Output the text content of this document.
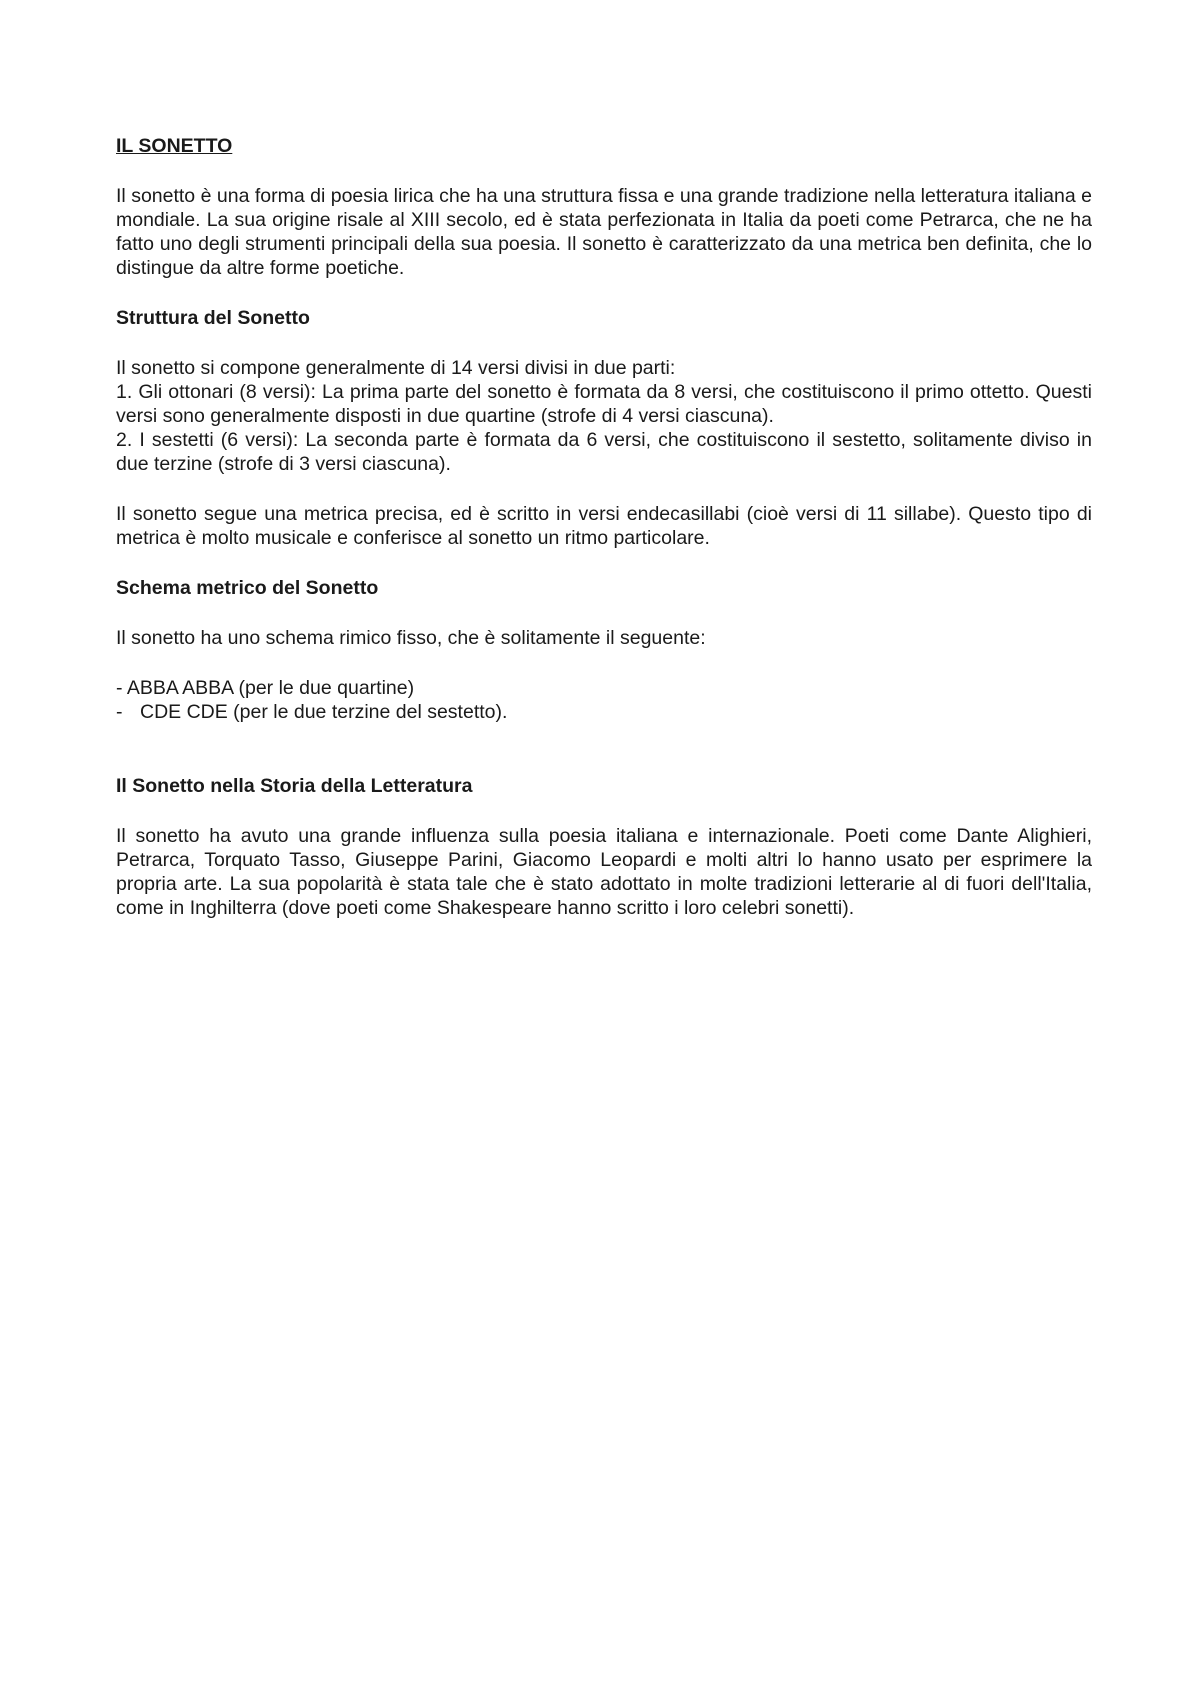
IL SONETTO

Il sonetto è una forma di poesia lirica che ha una struttura fissa e una grande tradizione nella letteratura italiana e mondiale. La sua origine risale al XIII secolo, ed è stata perfezionata in Italia da poeti come Petrarca, che ne ha fatto uno degli strumenti principali della sua poesia. Il sonetto è caratterizzato da una metrica ben definita, che lo distingue da altre forme poetiche.

Struttura del Sonetto
Il sonetto si compone generalmente di 14 versi divisi in due parti:
1. Gli ottonari (8 versi): La prima parte del sonetto è formata da 8 versi, che costituiscono il primo ottetto. Questi versi sono generalmente disposti in due quartine (strofe di 4 versi ciascuna).
2. I sestetti (6 versi): La seconda parte è formata da 6 versi, che costituiscono il sestetto, solitamente diviso in due terzine (strofe di 3 versi ciascuna).

Il sonetto segue una metrica precisa, ed è scritto in versi endecasillabi (cioè versi di 11 sillabe). Questo tipo di metrica è molto musicale e conferisce al sonetto un ritmo particolare.

Schema metrico del Sonetto

Il sonetto ha uno schema rimico fisso, che è solitamente il seguente:

- ABBA ABBA (per le due quartine)
- CDE CDE (per le due terzine del sestetto).
Il Sonetto nella Storia della Letteratura

Il sonetto ha avuto una grande influenza sulla poesia italiana e internazionale. Poeti come Dante Alighieri, Petrarca, Torquato Tasso, Giuseppe Parini, Giacomo Leopardi e molti altri lo hanno usato per esprimere la propria arte. La sua popolarità è stata tale che è stato adottato in molte tradizioni letterarie al di fuori dell'Italia, come in Inghilterra (dove poeti come Shakespeare hanno scritto i loro celebri sonetti).
